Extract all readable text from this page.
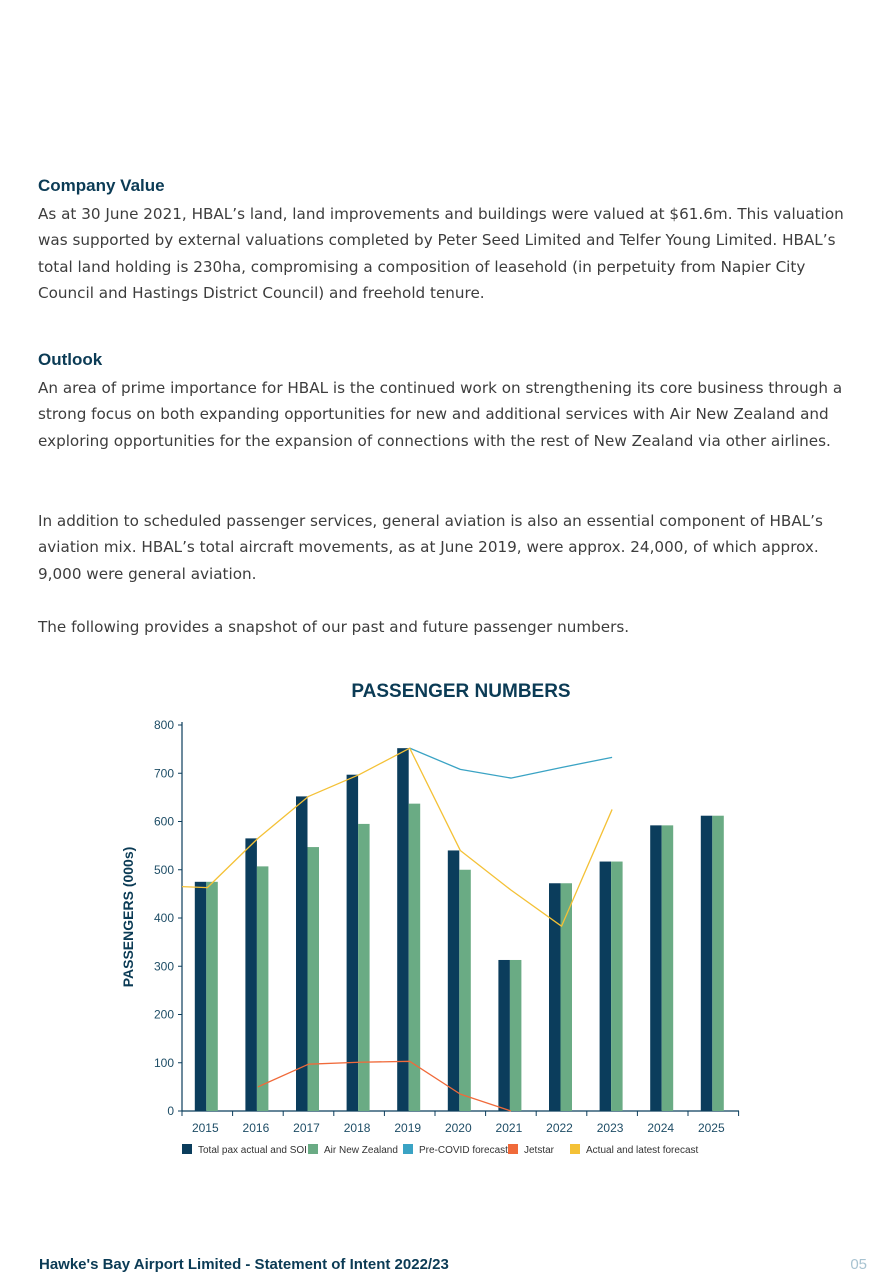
Company Value

As at 30 June 2021, HBAL’s land, land improvements and buildings were valued at $61.6m. This valuation was supported by external valuations completed by Peter Seed Limited and Telfer Young Limited. HBAL’s total land holding is 230ha, compromising a composition of leasehold (in perpetuity from Napier City Council and Hastings District Council) and freehold tenure.

Outlook

An area of prime importance for HBAL is the continued work on strengthening its core business through a strong focus on both expanding opportunities for new and additional services with Air New Zealand and exploring opportunities for the expansion of connections with the rest of New Zealand via other airlines.

In addition to scheduled passenger services, general aviation is also an essential component of HBAL’s aviation mix. HBAL’s total aircraft movements, as at June 2019, were approx. 24,000, of which approx. 9,000 were general aviation.

The following provides a snapshot of our past and future passenger numbers.

PASSENGER NUMBERS
PASSENGERS (000s)
0
100
200
300
400
500
600
700
800
2015 2016 2017 2018 2019 2020 2021 2022 2023 2024 2025
Total pax actual and SOI Air New Zealand Pre-COVID forecast Jetstar	Actual and latest forecast
Hawke's Bay Airport Limited - Statement of Intent 2022/23	05
